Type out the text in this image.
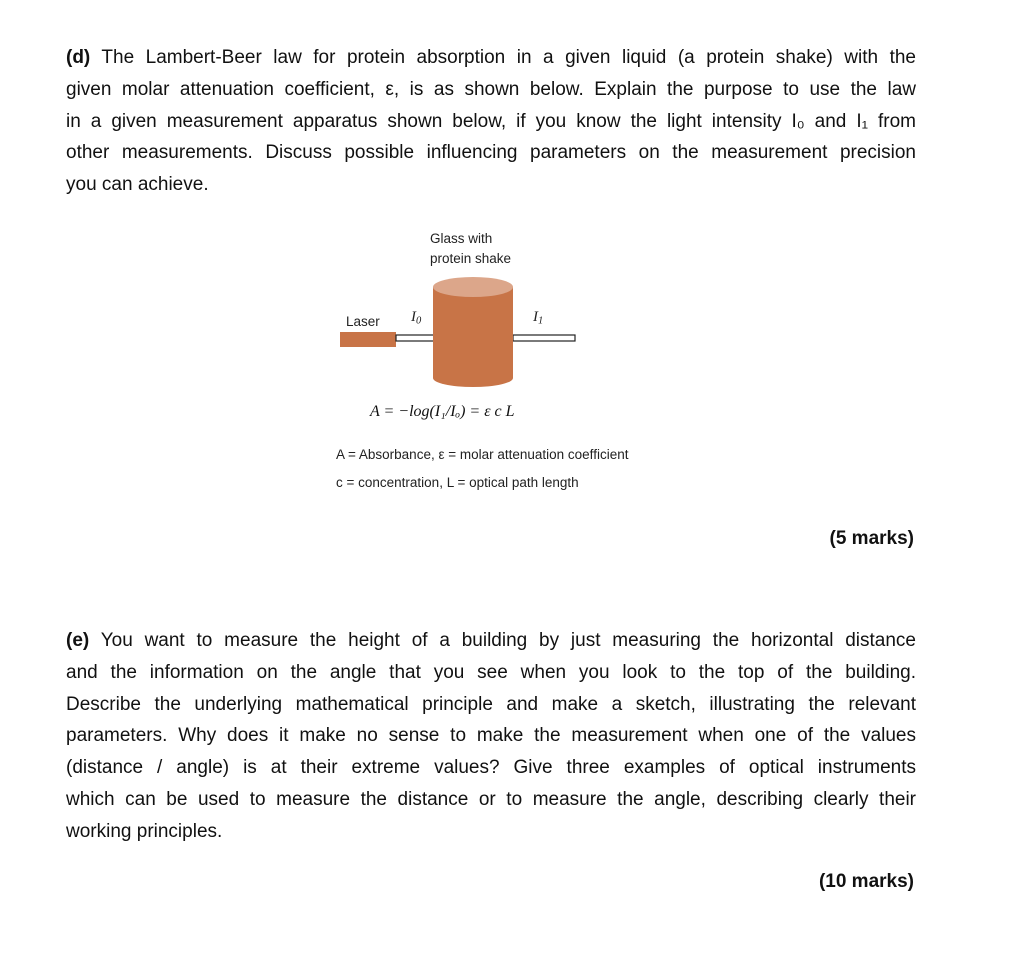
(d) The Lambert-Beer law for protein absorption in a given liquid (a protein shake) with the
given molar attenuation coefficient, ε, is as shown below. Explain the purpose to use the law
in a given measurement apparatus shown below, if you know the light intensity I₀ and I₁ from
other measurements. Discuss possible influencing parameters on the measurement precision
you can achieve.
Glass with
protein shake
Laser $I_0$	$I_1$
A = −log(I₁/Iₒ) = ε c L
A = Absorbance, ε = molar attenuation coefficient
c = concentration, L = optical path length
(5 marks)
(e) You want to measure the height of a building by just measuring the horizontal distance
and the information on the angle that you see when you look to the top of the building.
Describe the underlying mathematical principle and make a sketch, illustrating the relevant
parameters. Why does it make no sense to make the measurement when one of the values
(distance / angle) is at their extreme values? Give three examples of optical instruments
which can be used to measure the distance or to measure the angle, describing clearly their
working principles.
(10 marks)
